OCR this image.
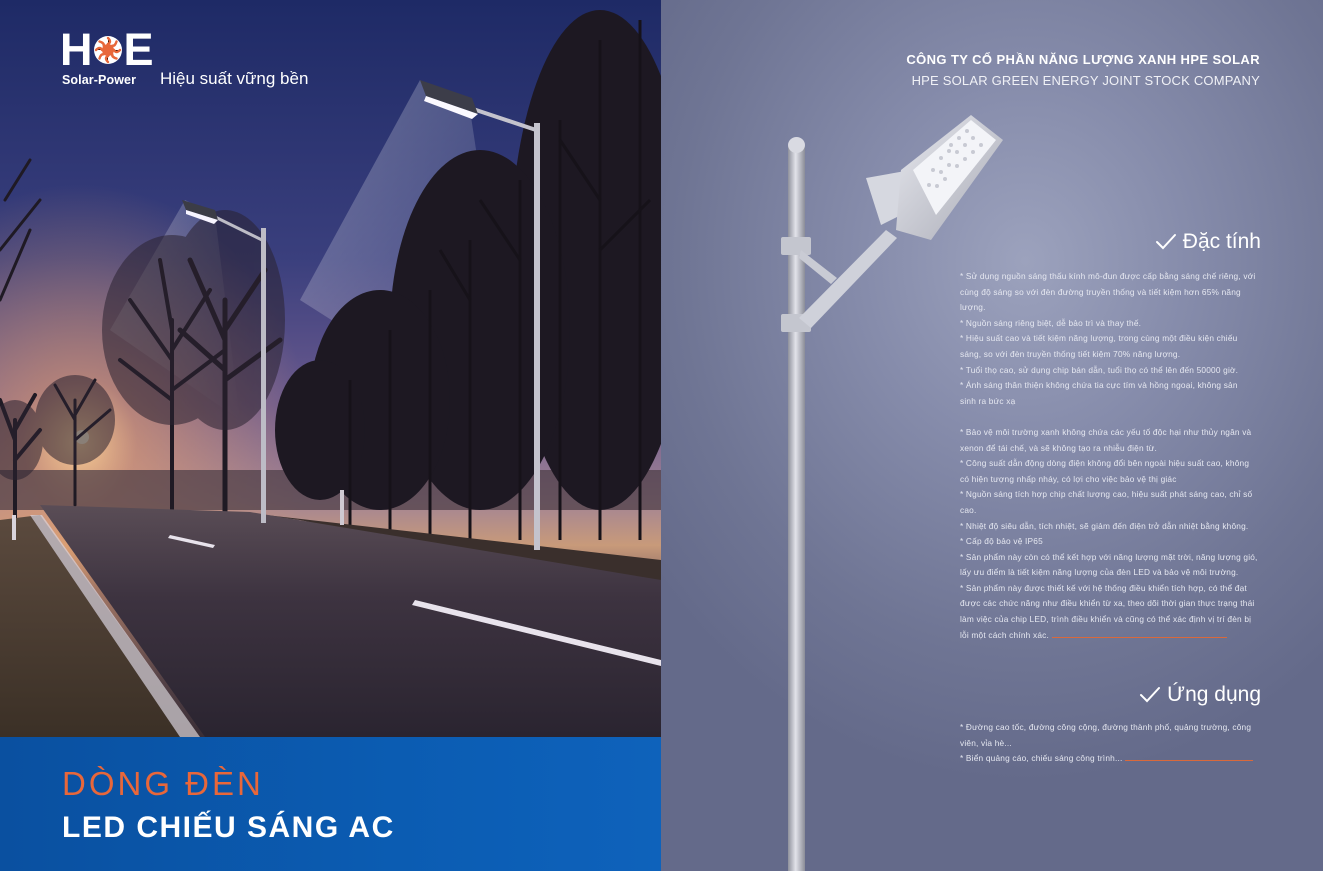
H E
Solar-Power Hiệu suất vững bền
DÒNG ĐÈN
LED CHIẾU SÁNG AC
CÔNG TY CỔ PHẦN NĂNG LƯỢNG XANH HPE SOLAR
HPE SOLAR GREEN ENERGY JOINT STOCK COMPANY
Đặc tính
* Sử dụng nguồn sáng thấu kính mô-đun được cấp bằng sáng chế riêng, với
cùng độ sáng so với đèn đường truyền thống và tiết kiệm hơn 65% năng
lượng.
* Nguồn sáng riêng biệt, dễ bảo trì và thay thế.
* Hiệu suất cao và tiết kiệm năng lượng, trong cùng một điều kiện chiếu
sáng, so với đèn truyền thống tiết kiệm 70% năng lượng.
* Tuổi thọ cao, sử dụng chip bán dẫn, tuổi thọ có thể lên đến 50000 giờ.
* Ánh sáng thân thiện không chứa tia cực tím và hồng ngoại, không sản
sinh ra bức xạ
* Bảo vệ môi trường xanh không chứa các yếu tố độc hại như thủy ngân và
xenon để tái chế, và sẽ không tạo ra nhiễu điện từ.
* Công suất dẫn động dòng điện không đổi bên ngoài hiệu suất cao, không
có hiện tượng nhấp nháy, có lợi cho việc bảo vệ thị giác
* Nguồn sáng tích hợp chip chất lượng cao, hiệu suất phát sáng cao, chỉ số
cao.
* Nhiệt độ siêu dẫn, tích nhiệt, sẽ giảm đến điện trở dẫn nhiệt bằng không.
* Cấp độ bảo vệ IP65
* Sản phẩm này còn có thể kết hợp với năng lượng mặt trời, năng lượng gió,
lấy ưu điểm là tiết kiệm năng lượng của đèn LED và bảo vệ môi trường.
* Sản phẩm này được thiết kế với hệ thống điều khiển tích hợp, có thể đạt
được các chức năng như điều khiển từ xa, theo dõi thời gian thực trạng thái
làm việc của chip LED, trình điều khiển và cũng có thể xác định vị trí đèn bị
lỗi một cách chính xác.
Ứng dụng
* Đường cao tốc, đường công cộng, đường thành phố, quảng trường, công
viên, vỉa hè...
* Biển quảng cáo, chiếu sáng công trình...
